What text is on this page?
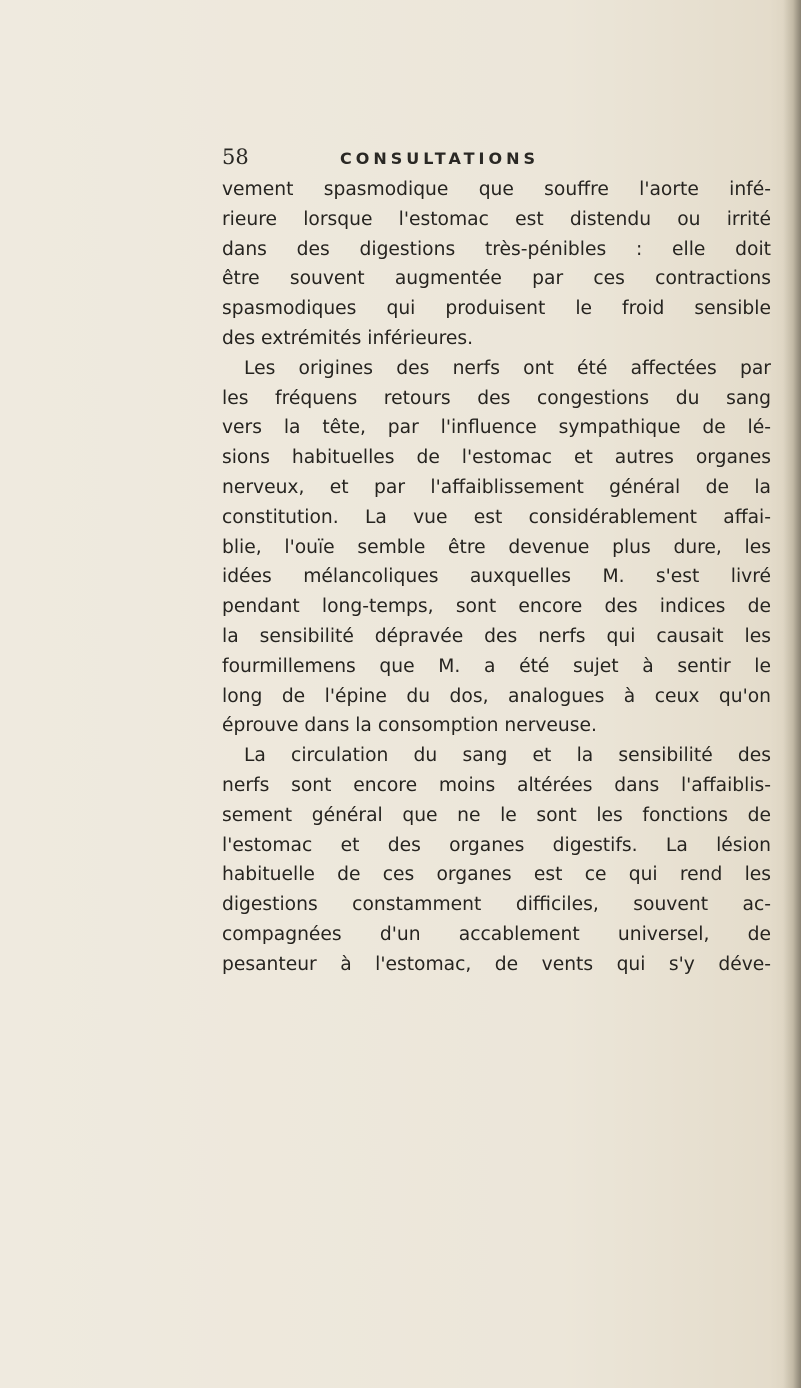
58	CONSULTATIONS
vement spasmodique que souffre l'aorte infé-
rieure lorsque l'estomac est distendu ou irrité
dans des digestions très-pénibles : elle doit
être souvent augmentée par ces contractions
spasmodiques qui produisent le froid sensible
des extrémités inférieures.
Les origines des nerfs ont été affectées par
les fréquens retours des congestions du sang
vers la tête, par l'influence sympathique de lé-
sions habituelles de l'estomac et autres organes
nerveux, et par l'affaiblissement général de la
constitution. La vue est considérablement affai-
blie, l'ouïe semble être devenue plus dure, les
idées mélancoliques auxquelles M. s'est livré
pendant long-temps, sont encore des indices de
la sensibilité dépravée des nerfs qui causait les
fourmillemens que M. a été sujet à sentir le
long de l'épine du dos, analogues à ceux qu'on
éprouve dans la consomption nerveuse.
La circulation du sang et la sensibilité des
nerfs sont encore moins altérées dans l'affaiblis-
sement général que ne le sont les fonctions de
l'estomac et des organes digestifs. La lésion
habituelle de ces organes est ce qui rend les
digestions constamment difficiles, souvent ac-
compagnées d'un accablement universel, de
pesanteur à l'estomac, de vents qui s'y déve-
